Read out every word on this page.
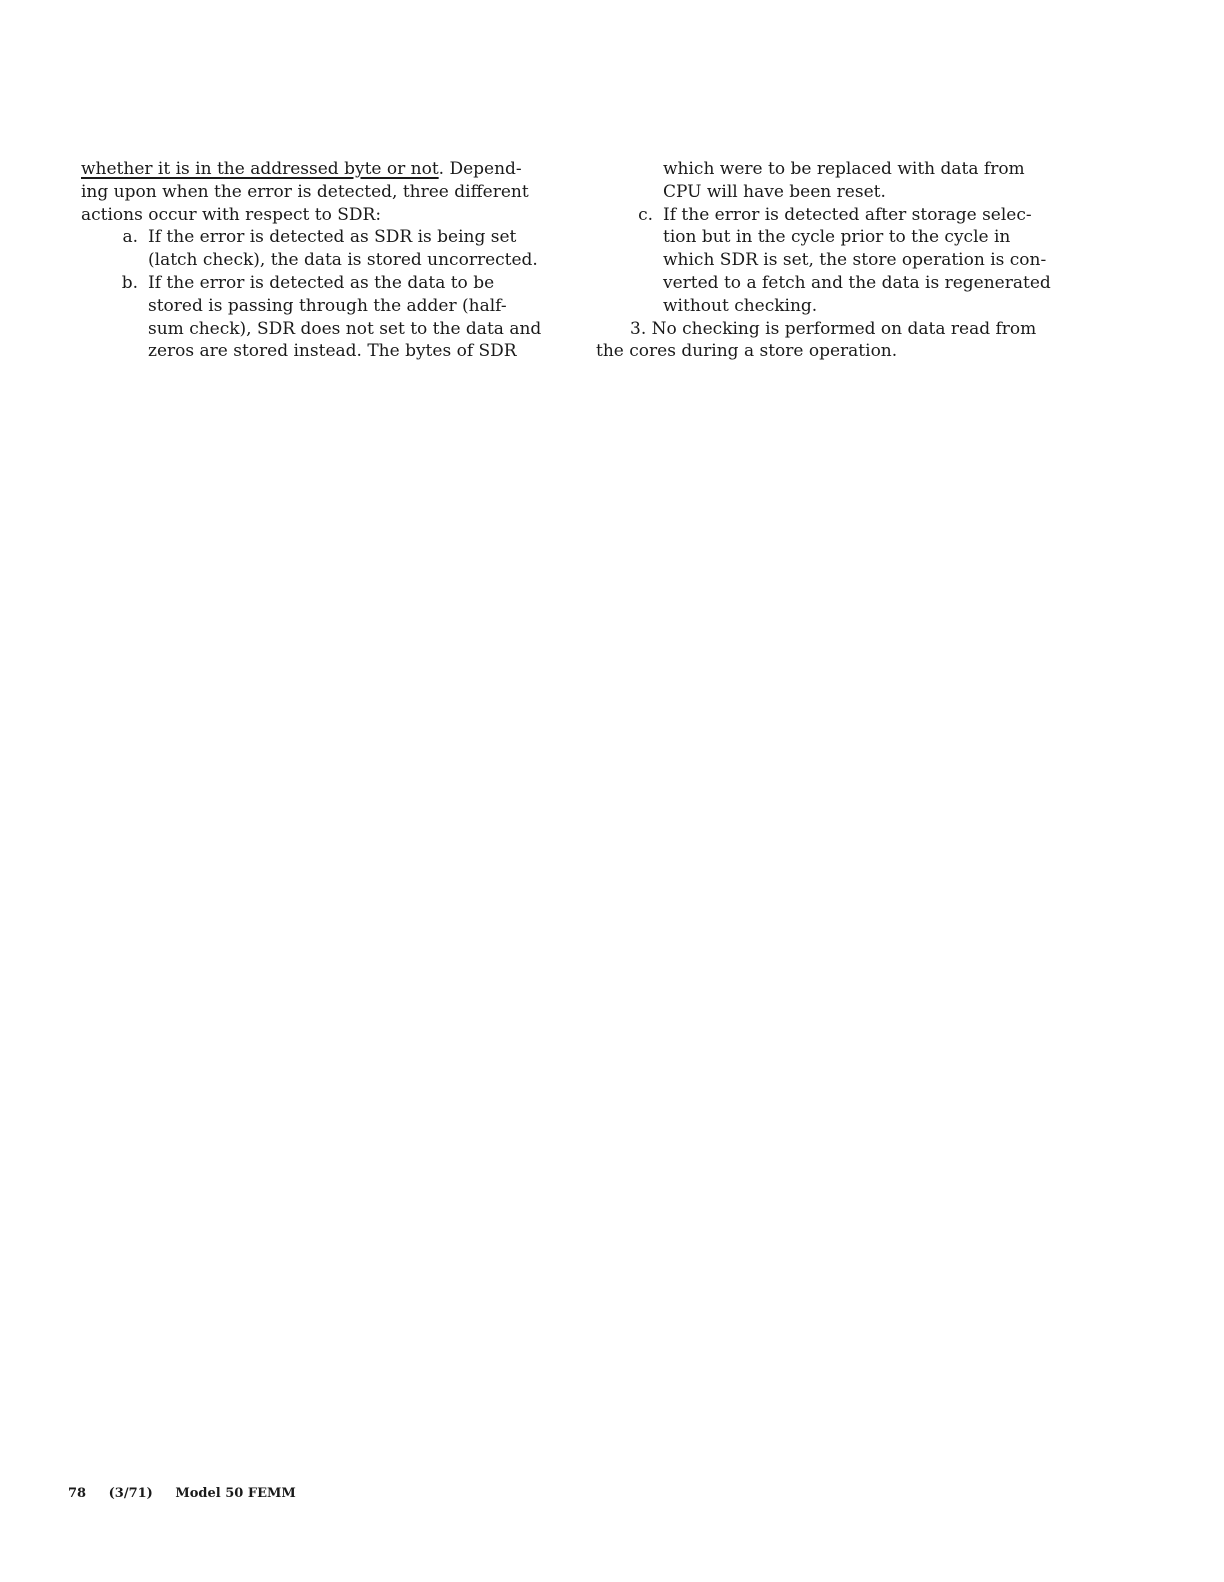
whether it is in the addressed byte or not. Depend-
ing upon when the error is detected, three different
actions occur with respect to SDR:
a. If the error is detected as SDR is being set
(latch check), the data is stored uncorrected.
b. If the error is detected as the data to be
stored is passing through the adder (half-
sum check), SDR does not set to the data and
zeros are stored instead. The bytes of SDR
which were to be replaced with data from
CPU will have been reset.
c. If the error is detected after storage selec-
tion but in the cycle prior to the cycle in
which SDR is set, the store operation is con-
verted to a fetch and the data is regenerated
without checking.
3. No checking is performed on data read from
the cores during a store operation.
78 (3/71) Model 50 FEMM
